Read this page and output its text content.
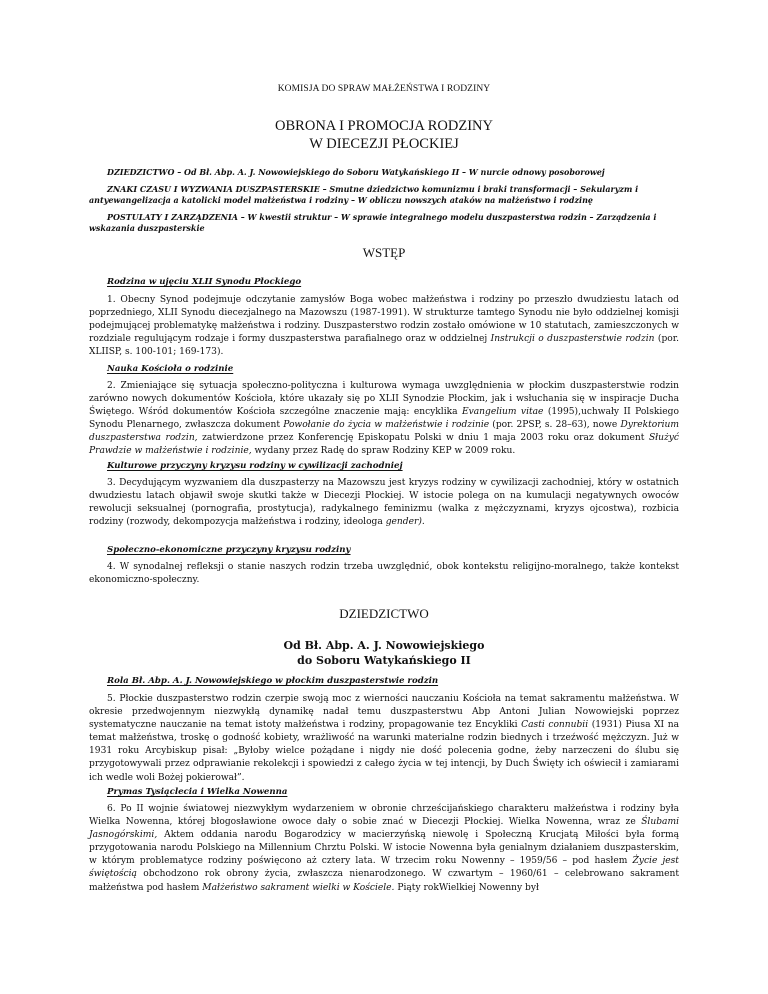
KOMISJA DO SPRAW MAŁŻEŃSTWA I RODZINY
OBRONA I PROMOCJA RODZINY
W DIECEZJI PŁOCKIEJ

DZIEDZICTWO – Od Bł. Abp. A. J. Nowowiejskiego do Soboru Watykańskiego II – W nurcie odnowy posoborowej

ZNAKI CZASU I WYZWANIA DUSZPASTERSKIE – Smutne dziedzictwo komunizmu i braki transformacji – Sekularyzm i antyewangelizacja a katolicki model małżeństwa i rodziny – W obliczu nowszych ataków na małżeństwo i rodzinę

POSTULATY I ZARZĄDZENIA – W kwestii struktur – W sprawie integralnego modelu duszpasterstwa rodzin – Zarządzenia i wskazania duszpasterskie

WSTĘP
Rodzina w ujęciu XLII Synodu Płockiego

1. Obecny Synod podejmuje odczytanie zamysłów Boga wobec małżeństwa i rodziny po przeszło dwudziestu latach od poprzedniego, XLII Synodu diecezjalnego na Mazowszu (1987-1991). W strukturze tamtego Synodu nie było oddzielnej komisji podejmującej problematykę małżeństwa i rodziny. Duszpasterstwo rodzin zostało omówione w 10 statutach, zamieszczonych w rozdziale regulującym rodzaje i formy duszpasterstwa parafialnego oraz w oddzielnej Instrukcji o duszpasterstwie rodzin (por. XLIISP, s. 100-101; 169-173).

Nauka Kościoła o rodzinie

2. Zmieniające się sytuacja społeczno-polityczna i kulturowa wymaga uwzględnienia w płockim duszpasterstwie rodzin zarówno nowych dokumentów Kościoła, które ukazały się po XLII Synodzie Płockim, jak i wsłuchania się w inspiracje Ducha Świętego. Wśród dokumentów Kościoła szczególne znaczenie mają: encyklika Evangelium vitae (1995),uchwały II Polskiego Synodu Plenarnego, zwłaszcza dokument Powołanie do życia w małżeństwie i rodzinie (por. 2PSP, s. 28–63), nowe Dyrektorium duszpasterstwa rodzin, zatwierdzone przez Konferencję Episkopatu Polski w dniu 1 maja 2003 roku oraz dokument Służyć Prawdzie w małżeństwie i rodzinie, wydany przez Radę do spraw Rodziny KEP w 2009 roku.

Kulturowe przyczyny kryzysu rodziny w cywilizacji zachodniej

3. Decydującym wyzwaniem dla duszpasterzy na Mazowszu jest kryzys rodziny w cywilizacji zachodniej, który w ostatnich dwudziestu latach objawił swoje skutki także w Diecezji Płockiej. W istocie polega on na kumulacji negatywnych owoców rewolucji seksualnej (pornografia, prostytucja), radykalnego feminizmu (walka z mężczyznami, kryzys ojcostwa), rozbicia rodziny (rozwody, dekompozycja małżeństwa i rodziny, ideologa gender).

Społeczno-ekonomiczne przyczyny kryzysu rodziny

4. W synodalnej refleksji o stanie naszych rodzin trzeba uwzględnić, obok kontekstu religijno-moralnego, także kontekst ekonomiczno-społeczny.

DZIEDZICTWO
Od Bł. Abp. A. J. Nowowiejskiego
do Soboru Watykańskiego II
Rola Bł. Abp. A. J. Nowowiejskiego w płockim duszpasterstwie rodzin

5. Płockie duszpasterstwo rodzin czerpie swoją moc z wierności nauczaniu Kościoła na temat sakramentu małżeństwa. W okresie przedwojennym niezwykłą dynamikę nadał temu duszpasterstwu Abp Antoni Julian Nowowiejski poprzez systematyczne nauczanie na temat istoty małżeństwa i rodziny, propagowanie tez Encykliki Casti connubii (1931) Piusa XI na temat małżeństwa, troskę o godność kobiety, wrażliwość na warunki materialne rodzin biednych i trzeźwość mężczyzn. Już w 1931 roku Arcybiskup pisał: „Byłoby wielce pożądane i nigdy nie dość polecenia godne, żeby narzeczeni do ślubu się przygotowywali przez odprawianie rekolekcji i spowiedzi z całego życia w tej intencji, by Duch Święty ich oświecił i zamiarami ich wedle woli Bożej pokierował”.

Prymas Tysiąclecia i Wielka Nowenna

6. Po II wojnie światowej niezwykłym wydarzeniem w obronie chrześcijańskiego charakteru małżeństwa i rodziny była Wielka Nowenna, której błogosławione owoce dały o sobie znać w Diecezji Płockiej. Wielka Nowenna, wraz ze Ślubami Jasnogórskimi, Aktem oddania narodu Bogarodzicy w macierzyńską niewolę i Społeczną Krucjatą Miłości była formą przygotowania narodu Polskiego na Millennium Chrztu Polski. W istocie Nowenna była genialnym działaniem duszpasterskim, w którym problematyce rodziny poświęcono aż cztery lata. W trzecim roku Nowenny – 1959/56 – pod hasłem Życie jest świętością obchodzono rok obrony życia, zwłaszcza nienarodzonego. W czwartym – 1960/61 – celebrowano sakrament małżeństwa pod hasłem Małżeństwo sakrament wielki w Kościele. Piąty rokWielkiej Nowenny był
